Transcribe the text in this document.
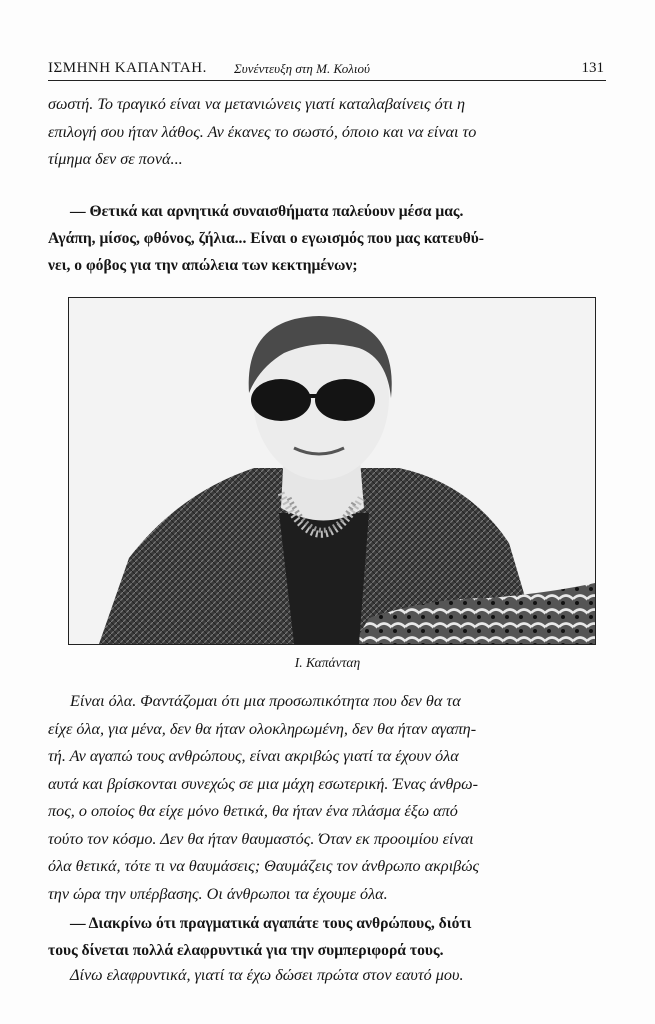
ΙΣΜΗΝΗ ΚΑΠΑΝΤΑΗ. Συνέντευξη στη Μ. Κολιού	131
σωστή. Το τραγικό είναι να μετανιώνεις γιατί καταλαβαίνεις ότι η
επιλογή σου ήταν λάθος. Αν έκανες το σωστό, όποιο και να είναι το
τίμημα δεν σε πονά...
— Θετικά και αρνητικά συναισθήματα παλεύουν μέσα μας.
Αγάπη, μίσος, φθόνος, ζήλια... Είναι ο εγωισμός που μας κατευθύ-
νει, ο φόβος για την απώλεια των κεκτημένων;
Ι. Καπάνταη
Είναι όλα. Φαντάζομαι ότι μια προσωπικότητα που δεν θα τα
είχε όλα, για μένα, δεν θα ήταν ολοκληρωμένη, δεν θα ήταν αγαπη-
τή. Αν αγαπώ τους ανθρώπους, είναι ακριβώς γιατί τα έχουν όλα
αυτά και βρίσκονται συνεχώς σε μια μάχη εσωτερική. Ένας άνθρω-
πος, ο οποίος θα είχε μόνο θετικά, θα ήταν ένα πλάσμα έξω από
τούτο τον κόσμο. Δεν θα ήταν θαυμαστός. Όταν εκ προοιμίου είναι
όλα θετικά, τότε τι να θαυμάσεις; Θαυμάζεις τον άνθρωπο ακριβώς
την ώρα την υπέρβασης. Οι άνθρωποι τα έχουμε όλα.
— Διακρίνω ότι πραγματικά αγαπάτε τους ανθρώπους, διότι
τους δίνεται πολλά ελαφρυντικά για την συμπεριφορά τους.
Δίνω ελαφρυντικά, γιατί τα έχω δώσει πρώτα στον εαυτό μου.
